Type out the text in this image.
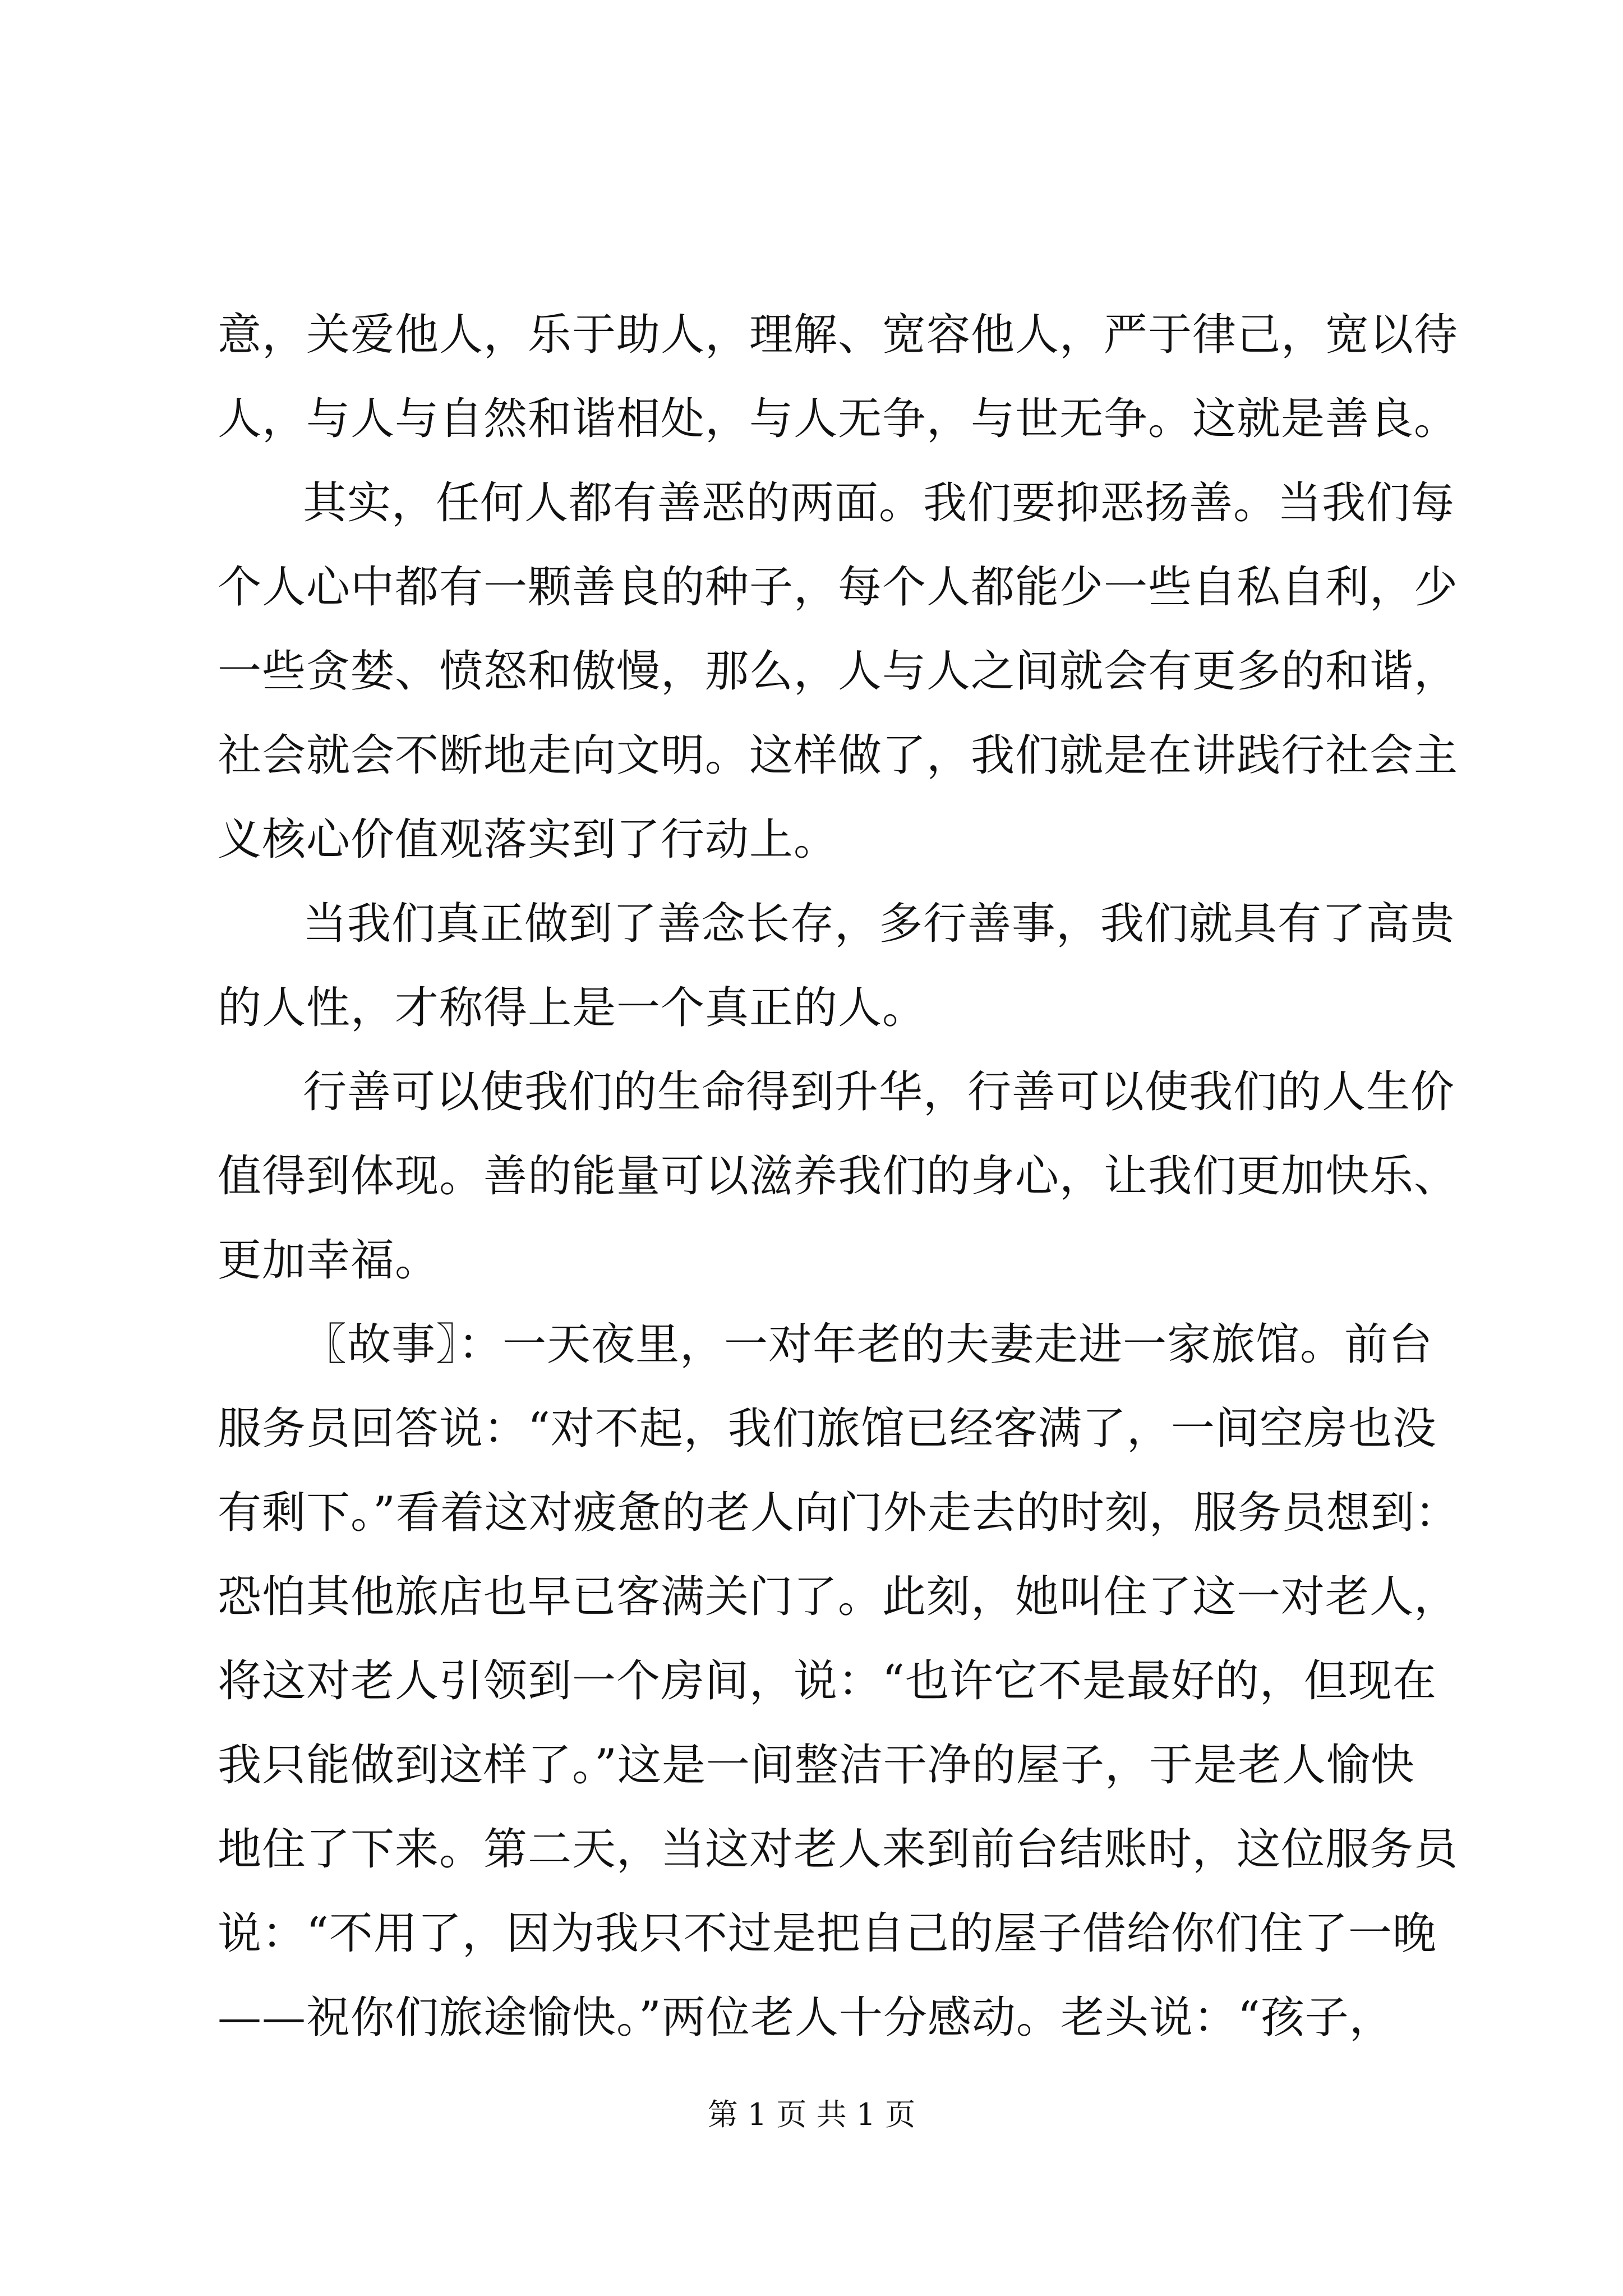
意，关爱他人，乐于助人，理解、宽容他人，严于律己，宽以待
人，与人与自然和谐相处，与人无争，与世无争。这就是善良。
其实，任何人都有善恶的两面。我们要抑恶扬善。当我们每
个人心中都有一颗善良的种子，每个人都能少一些自私自利，少
一些贪婪、愤怒和傲慢，那么，人与人之间就会有更多的和谐，
社会就会不断地走向文明。这样做了，我们就是在讲践行社会主
义核心价值观落实到了行动上。
当我们真正做到了善念长存，多行善事，我们就具有了高贵
的人性，才称得上是一个真正的人。
行善可以使我们的生命得到升华，行善可以使我们的人生价
值得到体现。善的能量可以滋养我们的身心，让我们更加快乐、
更加幸福。
〖故事〗：一天夜里，一对年老的夫妻走进一家旅馆。前台
服务员回答说：“对不起，我们旅馆已经客满了，一间空房也没
有剩下。”看着这对疲惫的老人向门外走去的时刻，服务员想到：
恐怕其他旅店也早已客满关门了。此刻，她叫住了这一对老人，
将这对老人引领到一个房间，说：“也许它不是最好的，但现在
我只能做到这样了。”这是一间整洁干净的屋子，于是老人愉快
地住了下来。第二天，当这对老人来到前台结账时，这位服务员
说：“不用了，因为我只不过是把自己的屋子借给你们住了一晚
——祝你们旅途愉快。”两位老人十分感动。老头说：“孩子，
第 1 页 共 1 页
